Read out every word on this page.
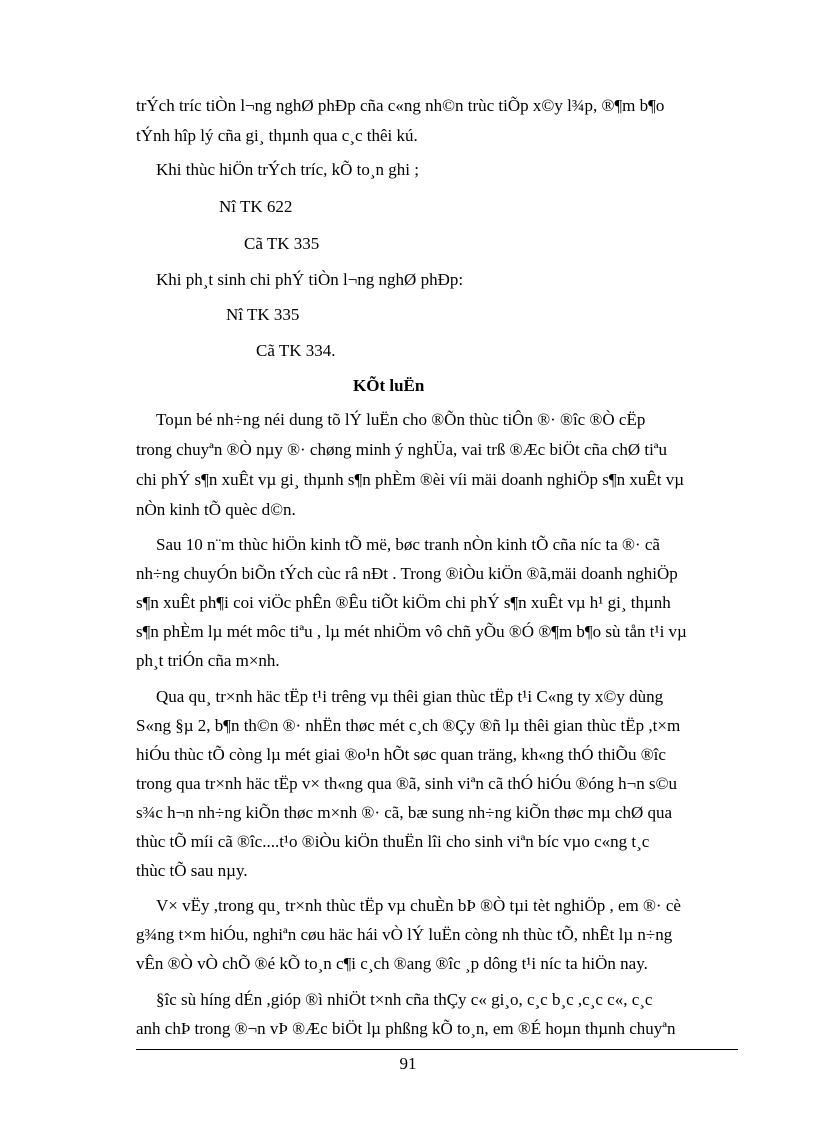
trÝch tríc tiÒn l¬ng nghØ phÐp cña c«ng nh©n trùc tiÕp x©y l¾p, ®¶m b¶o
tÝnh hîp lý cña gi¸ thµnh qua c¸c thêi kú.
Khi thùc hiÖn trÝch tríc, kÕ to¸n ghi ;
Nî TK 622
Cã TK 335
Khi ph¸t sinh chi phÝ tiÒn l¬ng nghØ phÐp:
Nî TK 335
Cã TK 334.
KÕt luËn
Toµn bé nh÷ng néi dung tõ lÝ luËn cho ®Õn thùc tiÔn ®· ®îc ®Ò cËp
trong chuyªn ®Ò nµy ®· chøng minh ý nghÜa, vai trß ®Æc biÖt cña chØ tiªu
chi phÝ s¶n xuÊt vµ gi¸ thµnh s¶n phÈm ®èi víi mäi doanh nghiÖp s¶n xuÊt vµ
nÒn kinh tÕ quèc d©n.
Sau 10 n¨m thùc hiÖn kinh tÕ më, bøc tranh nÒn kinh tÕ cña níc ta ®· cã
nh÷ng chuyÓn biÕn tÝch cùc râ nÐt . Trong ®iÒu kiÖn ®ã,mäi doanh nghiÖp
s¶n xuÊt ph¶i coi viÖc phÊn ®Êu tiÕt kiÖm chi phÝ s¶n xuÊt vµ h¹ gi¸ thµnh
s¶n phÈm lµ mét môc tiªu , lµ mét nhiÖm vô chñ yÕu ®Ó ®¶m b¶o sù tån t¹i vµ
ph¸t triÓn cña m×nh.
Qua qu¸ tr×nh häc tËp t¹i trêng vµ thêi gian thùc tËp t¹i C«ng ty x©y dùng
S«ng §µ 2, b¶n th©n ®· nhËn thøc mét c¸ch ®Çy ®ñ lµ thêi gian thùc tËp ,t×m
hiÓu thùc tÕ còng lµ mét giai ®o¹n hÕt søc quan träng, kh«ng thÓ thiÕu ®îc
trong qua tr×nh häc tËp v× th«ng qua ®ã, sinh viªn cã thÓ hiÓu ®óng h¬n s©u
s¾c h¬n nh÷ng kiÕn thøc m×nh ®· cã, bæ sung nh÷ng kiÕn thøc mµ chØ qua
thùc tÕ míi cã ®îc....t¹o ®iÒu kiÖn thuËn lîi cho sinh viªn bíc vµo c«ng t¸c
thùc tÕ sau nµy.
V× vËy ,trong qu¸ tr×nh thùc tËp vµ chuÈn bÞ ®Ò tµi tèt nghiÖp , em ®· cè
g¾ng t×m hiÓu, nghiªn cøu häc hái vÒ lÝ luËn còng nh thùc tÕ, nhÊt lµ n÷ng
vÊn ®Ò vÒ chÕ ®é kÕ to¸n c¶i c¸ch ®ang ®îc ¸p dông t¹i níc ta hiÖn nay.
§îc sù híng dÉn ,gióp ®ì nhiÖt t×nh cña thÇy c« gi¸o, c¸c b¸c ,c¸c c«, c¸c
anh chÞ trong ®¬n vÞ ®Æc biÖt lµ phßng kÕ to¸n, em ®É hoµn thµnh chuyªn
91
